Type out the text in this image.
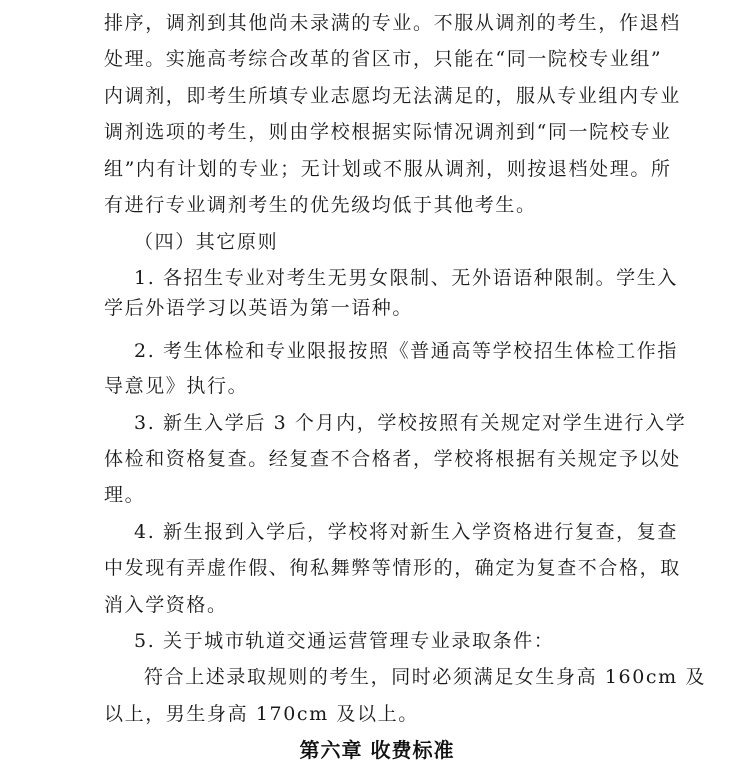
排序，调剂到其他尚未录满的专业。不服从调剂的考生，作退档
处理。实施高考综合改革的省区市，只能在“同一院校专业组”
内调剂，即考生所填专业志愿均无法满足的，服从专业组内专业
调剂选项的考生，则由学校根据实际情况调剂到“同一院校专业
组”内有计划的专业；无计划或不服从调剂，则按退档处理。所
有进行专业调剂考生的优先级均低于其他考生。
（四）其它原则
1. 各招生专业对考生无男女限制、无外语语种限制。学生入
学后外语学习以英语为第一语种。
2. 考生体检和专业限报按照《普通高等学校招生体检工作指
导意见》执行。
3. 新生入学后 3 个月内，学校按照有关规定对学生进行入学
体检和资格复查。经复查不合格者，学校将根据有关规定予以处
理。
4. 新生报到入学后，学校将对新生入学资格进行复查，复查
中发现有弄虚作假、徇私舞弊等情形的，确定为复查不合格，取
消入学资格。
5. 关于城市轨道交通运营管理专业录取条件：
符合上述录取规则的考生，同时必须满足女生身高 160cm 及
以上，男生身高 170cm 及以上。
第六章 收费标准
